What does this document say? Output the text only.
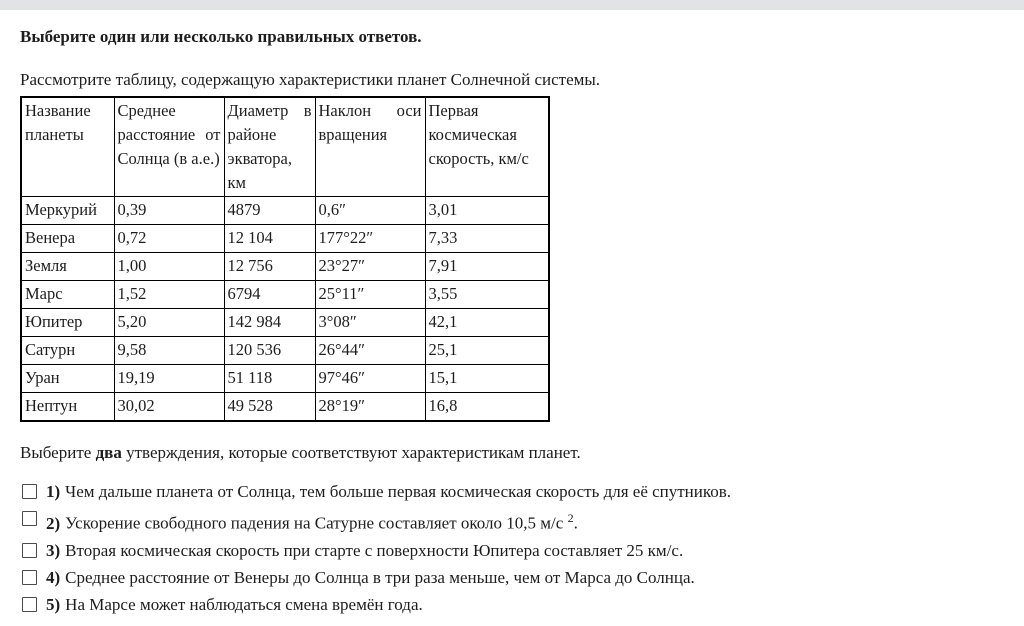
Выберите один или несколько правильных ответов.
Рассмотрите таблицу, содержащую характеристики планет Солнечной системы.
Название планеты	Среднее расстояние от Солнца (в а.е.)	Диаметр в районе экватора, км	Наклон оси вращения	Первая космическая скорость, км/с
Меркурий	0,39	4879	0,6″	3,01
Венера	0,72	12 104	177°22″	7,33
Земля	1,00	12 756	23°27″	7,91
Марс	1,52	6794	25°11″	3,55
Юпитер	5,20	142 984	3°08″	42,1
Сатурн	9,58	120 536	26°44″	25,1
Уран	19,19	51 118	97°46″	15,1
Нептун	30,02	49 528	28°19″	16,8
Выберите два утверждения, которые соответствуют характеристикам планет.
1) Чем дальше планета от Солнца, тем больше первая космическая скорость для её спутников.
2) Ускорение свободного падения на Сатурне составляет около 10,5 м/с $^2$.
3) Вторая космическая скорость при старте с поверхности Юпитера составляет 25 км/с.
4) Среднее расстояние от Венеры до Солнца в три раза меньше, чем от Марса до Солнца.
5) На Марсе может наблюдаться смена времён года.
